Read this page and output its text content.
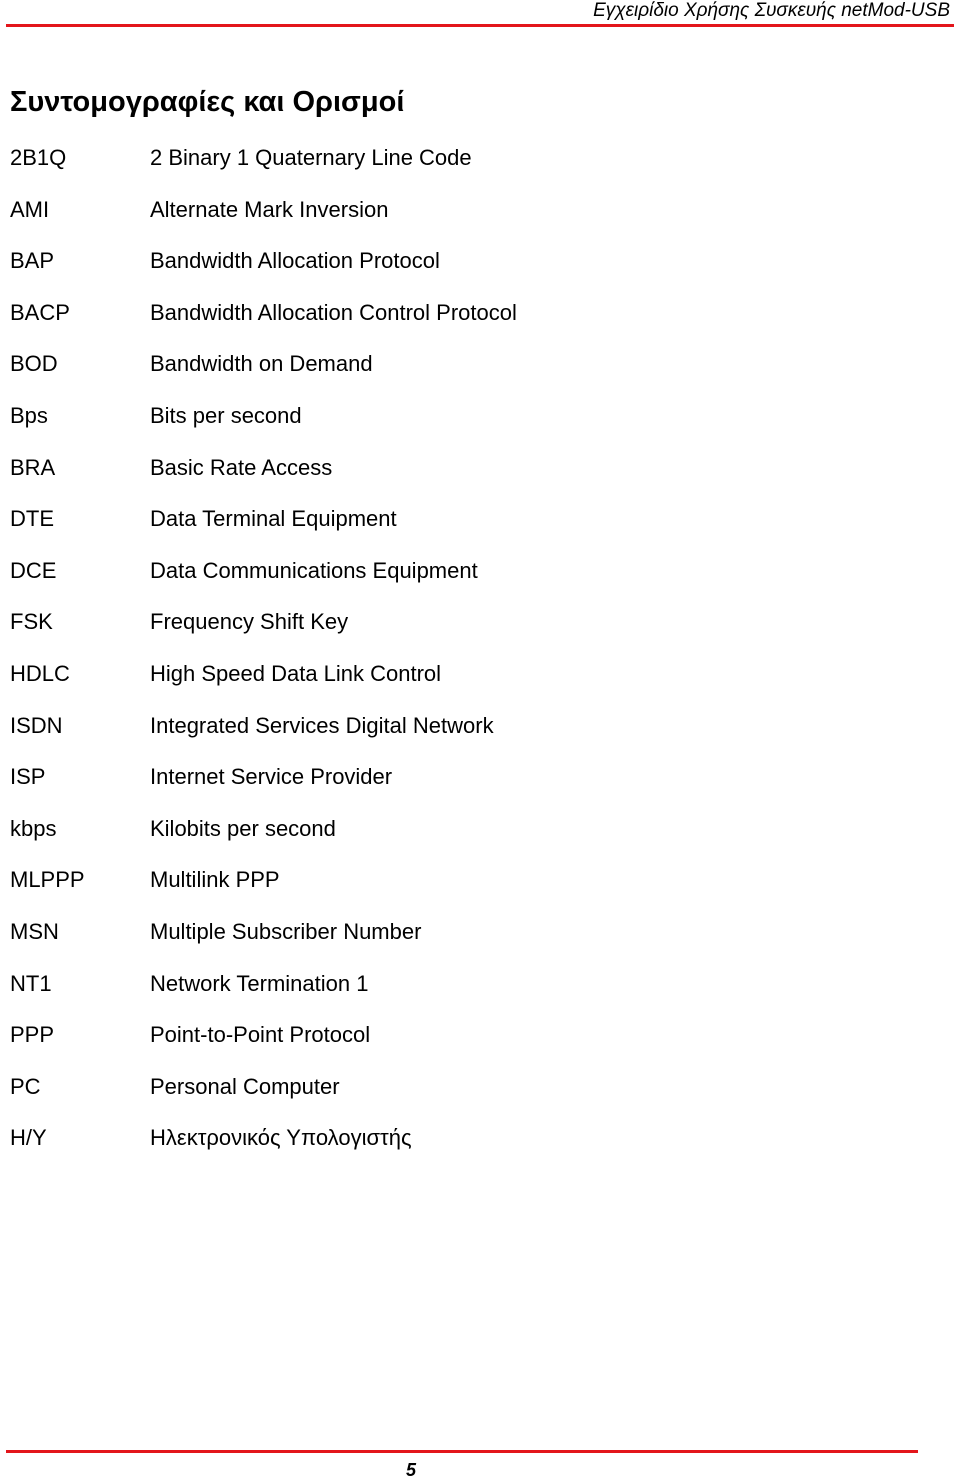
Εγχειρίδιο Χρήσης Συσκευής netMod-USB
Συντομογραφίες και Ορισμοί
2B1Q	2 Binary 1 Quaternary Line Code
AMI	Alternate Mark Inversion
BAP	Bandwidth Allocation Protocol
BACP	Bandwidth Allocation Control Protocol
BOD	Bandwidth on Demand
Bps	Bits per second
BRA	Basic Rate Access
DTE	Data Terminal Equipment
DCE	Data Communications Equipment
FSK	Frequency Shift Key
HDLC	High Speed Data Link Control
ISDN	Integrated Services Digital Network
ISP	Internet Service Provider
kbps	Kilobits per second
MLPPP	Multilink PPP
MSN	Multiple Subscriber Number
NT1	Network Termination 1
PPP	Point-to-Point Protocol
PC	Personal Computer
H/Y	Ηλεκτρονικός Υπολογιστής
5
